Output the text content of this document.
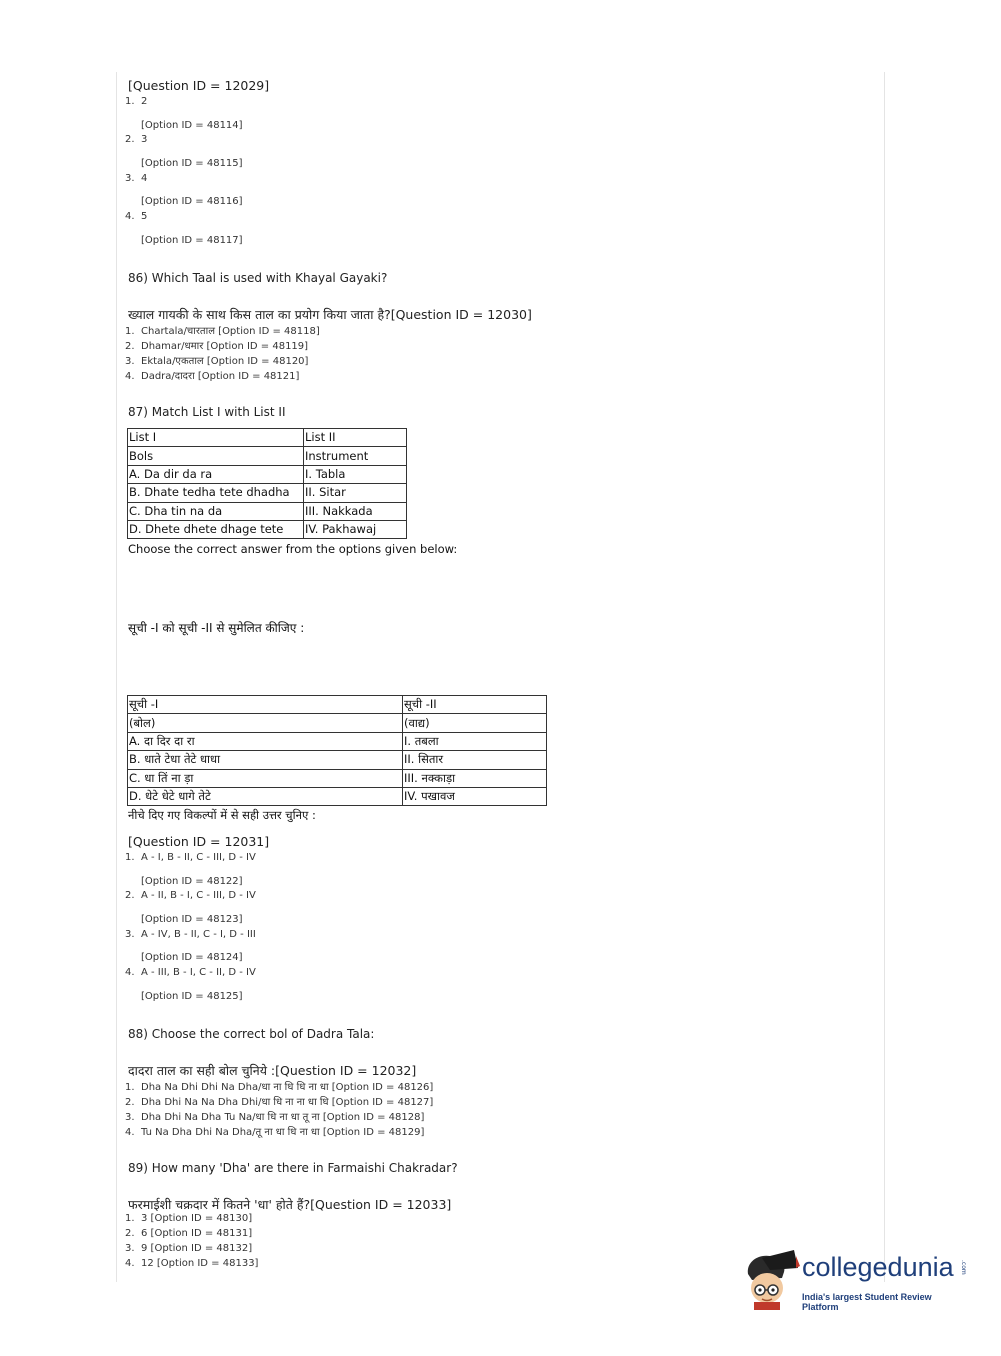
[Question ID = 12029]
1. 2
[Option ID = 48114]
2. 3
[Option ID = 48115]
3. 4
[Option ID = 48116]
4. 5
[Option ID = 48117]
86) Which Taal is used with Khayal Gayaki?
ख्याल गायकी के साथ किस ताल का प्रयोग किया जाता है?[Question ID = 12030]
1. Chartala/चारताल [Option ID = 48118]
2. Dhamar/धमार [Option ID = 48119]
3. Ektala/एकताल [Option ID = 48120]
4. Dadra/दादरा [Option ID = 48121]
87) Match List I with List II
List I	List II
Bols	Instrument
A. Da dir da ra	I. Tabla
B. Dhate tedha tete dhadha	II. Sitar
C. Dha tin na da	III. Nakkada
D. Dhete dhete dhage tete	IV. Pakhawaj
Choose the correct answer from the options given below:
सूची -I को सूची -II से सुमेलित कीजिए :
सूची -I	सूची -II
(बोल)	(वाद्य)
A. दा दिर दा रा	I. तबला
B. धाते टेधा तेटे धाधा	II. सितार
C. धा तिं ना ड़ा	III. नक्काड़ा
D. धेटे धेटे धागे तेटे	IV. पखावज
नीचे दिए गए विकल्पों में से सही उत्तर चुनिए :
[Question ID = 12031]
1. A - I, B - II, C - III, D - IV
[Option ID = 48122]
2. A - II, B - I, C - III, D - IV
[Option ID = 48123]
3. A - IV, B - II, C - I, D - III
[Option ID = 48124]
4. A - III, B - I, C - II, D - IV
[Option ID = 48125]
88) Choose the correct bol of Dadra Tala:
दादरा ताल का सही बोल चुनिये :[Question ID = 12032]
1. Dha Na Dhi Dhi Na Dha/धा ना धि धि ना धा [Option ID = 48126]
2. Dha Dhi Na Na Dha Dhi/धा धि ना ना धा धि [Option ID = 48127]
3. Dha Dhi Na Dha Tu Na/धा धि ना धा तू ना [Option ID = 48128]
4. Tu Na Dha Dhi Na Dha/तू ना धा धि ना धा [Option ID = 48129]
89) How many 'Dha' are there in Farmaishi Chakradar?
फरमाईशी चक्रदार में कितने 'धा' होते हैं?[Question ID = 12033]
1. 3 [Option ID = 48130]
2. 6 [Option ID = 48131]
3. 9 [Option ID = 48132]
4. 12 [Option ID = 48133]	collegedunia .com
India's largest Student Review Platform
